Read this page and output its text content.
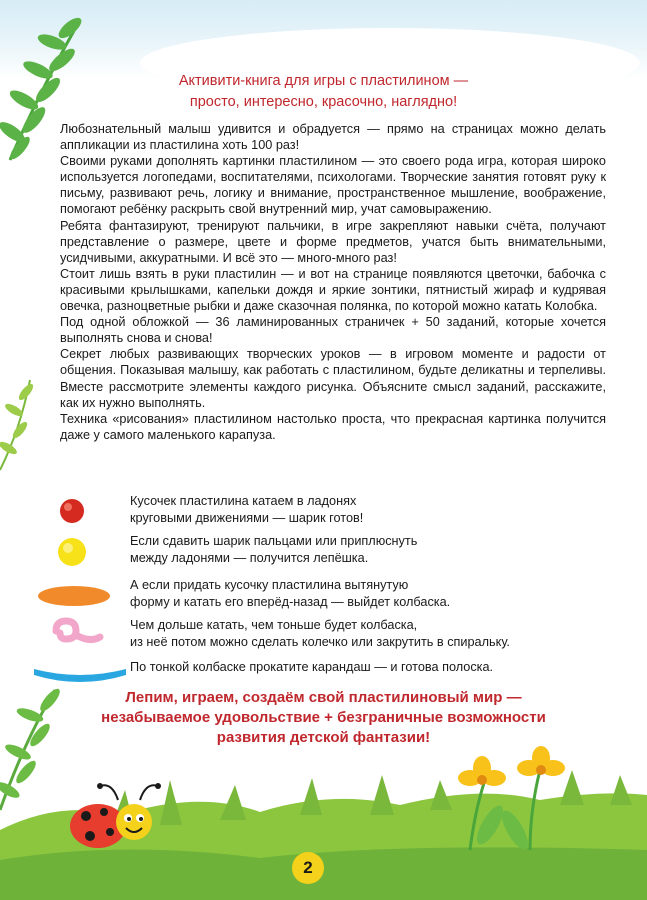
Активити-книга для игры с пластилином —
просто, интересно, красочно, наглядно!

Любознательный малыш удивится и обрадуется — прямо на страницах можно делать аппликации из пластилина хоть 100 раз!

Своими руками дополнять картинки пластилином — это своего рода игра, которая широко используется логопедами, воспитателями, психологами. Творческие занятия готовят руку к письму, развивают речь, логику и внимание, пространственное мышление, воображение, помогают ребёнку раскрыть свой внутренний мир, учат самовыражению.

Ребята фантазируют, тренируют пальчики, в игре закрепляют навыки счёта, получают представление о размере, цвете и форме предметов, учатся быть внимательными, усидчивыми, аккуратными. И всё это — много-много раз!

Стоит лишь взять в руки пластилин — и вот на странице появляются цветочки, бабочка с красивыми крылышками, капельки дождя и яркие зонтики, пятнистый жираф и кудрявая овечка, разноцветные рыбки и даже сказочная полянка, по которой можно катать Колобка.

Под одной обложкой — 36 ламинированных страничек + 50 заданий, которые хочется выполнять снова и снова!

Секрет любых развивающих творческих уроков — в игровом моменте и радости от общения. Показывая малышу, как работать с пластилином, будьте деликатны и терпеливы. Вместе рассмотрите элементы каждого рисунка. Объясните смысл заданий, расскажите, как их нужно выполнять.

Техника «рисования» пластилином настолько проста, что прекрасная картинка получится даже у самого маленького карапуза.

Кусочек пластилина катаем в ладонях
круговыми движениями — шарик готов!
Если сдавить шарик пальцами или приплюснуть
между ладонями — получится лепёшка.
А если придать кусочку пластилина вытянутую
форму и катать его вперёд-назад — выйдет колбаска.
Чем дольше катать, чем тоньше будет колбаска,
из неё потом можно сделать колечко или закрутить в спиральку.
По тонкой колбаске прокатите карандаш — и готова полоска.
Лепим, играем, создаём свой пластилиновый мир —
незабываемое удовольствие + безграничные возможности
развития детской фантазии!
2
